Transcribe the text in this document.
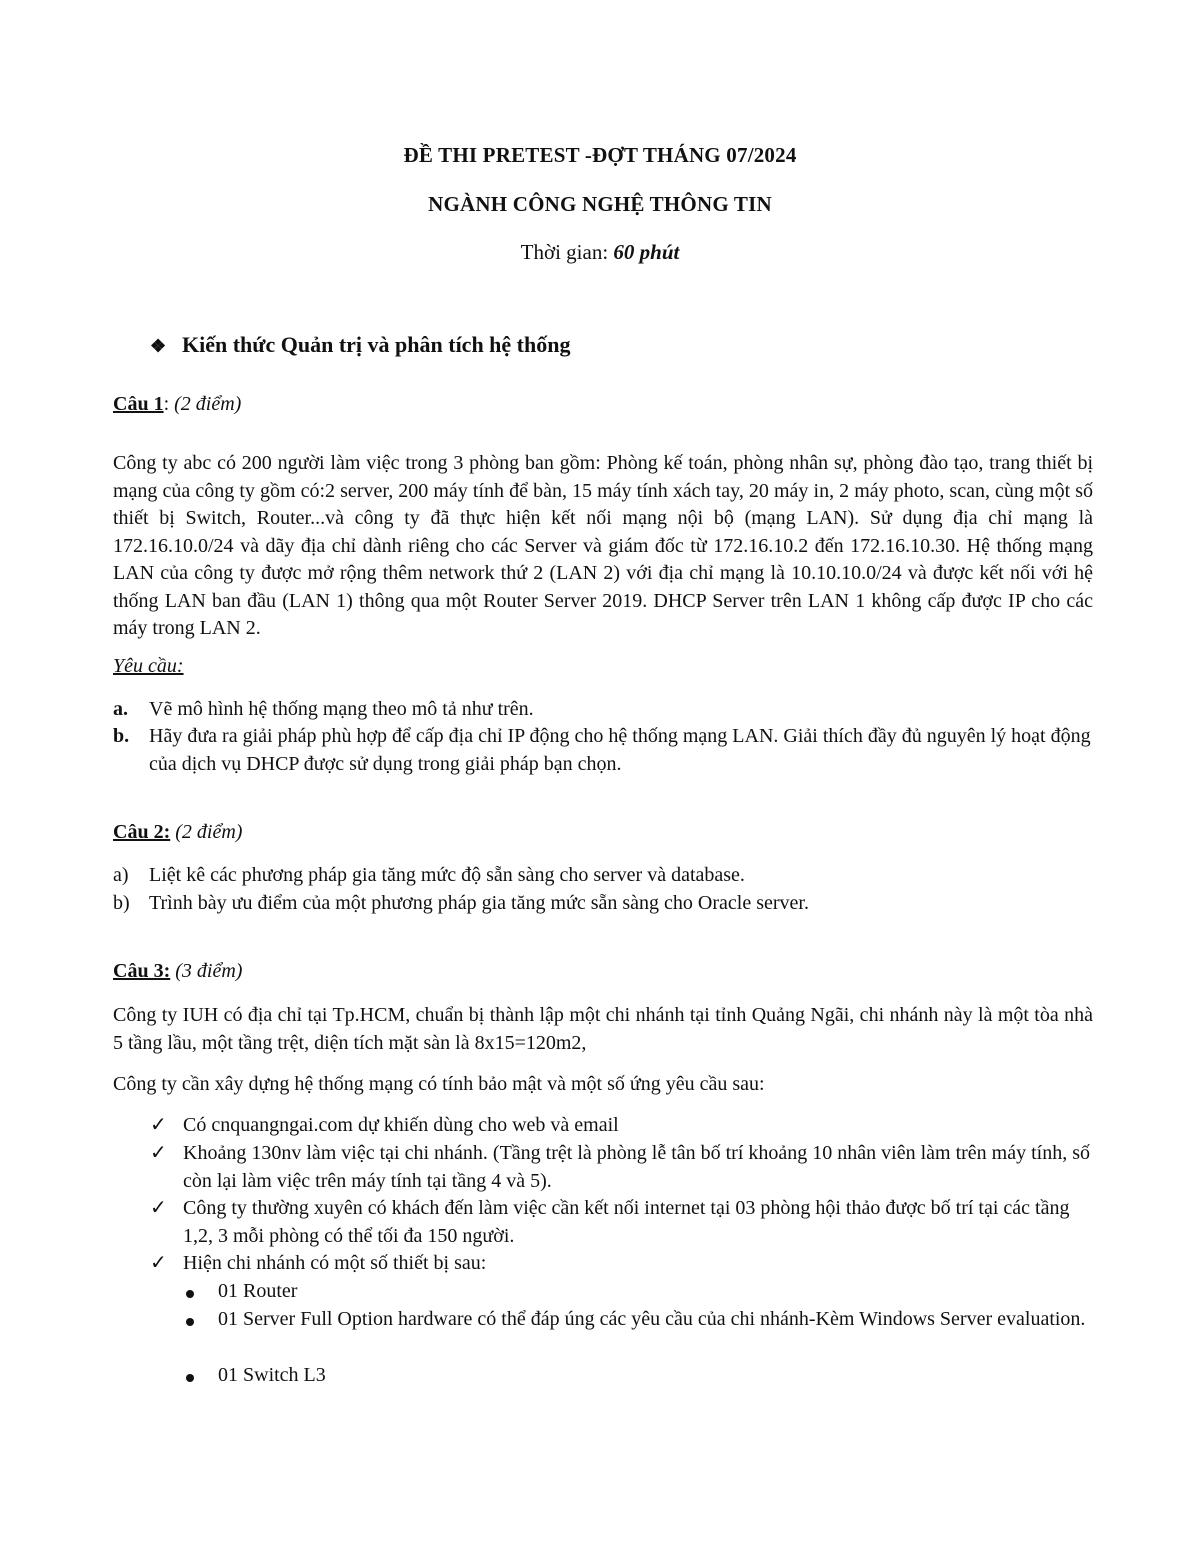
ĐỀ THI PRETEST -ĐỢT THÁNG 07/2024
NGÀNH CÔNG NGHỆ THÔNG TIN
Thời gian: 60 phút
❖ Kiến thức Quản trị và phân tích hệ thống
Câu 1: (2 điểm)
Công ty abc có 200 người làm việc trong 3 phòng ban gồm: Phòng kế toán, phòng nhân sự, phòng đào tạo, trang thiết bị mạng của công ty gồm có:2 server, 200 máy tính để bàn, 15 máy tính xách tay, 20 máy in, 2 máy photo, scan, cùng một số thiết bị Switch, Router...và công ty đã thực hiện kết nối mạng nội bộ (mạng LAN). Sử dụng địa chỉ mạng là 172.16.10.0/24 và dãy địa chỉ dành riêng cho các Server và giám đốc từ 172.16.10.2 đến 172.16.10.30. Hệ thống mạng LAN của công ty được mở rộng thêm network thứ 2 (LAN 2) với địa chỉ mạng là 10.10.10.0/24 và được kết nối với hệ thống LAN ban đầu (LAN 1) thông qua một Router Server 2019. DHCP Server trên LAN 1 không cấp được IP cho các máy trong LAN 2.
Yêu cầu:
a. Vẽ mô hình hệ thống mạng theo mô tả như trên.
b. Hãy đưa ra giải pháp phù hợp để cấp địa chỉ IP động cho hệ thống mạng LAN. Giải thích đầy đủ nguyên lý hoạt động của dịch vụ DHCP được sử dụng trong giải pháp bạn chọn.
Câu 2: (2 điểm)
a) Liệt kê các phương pháp gia tăng mức độ sẵn sàng cho server và database.
b) Trình bày ưu điểm của một phương pháp gia tăng mức sẵn sàng cho Oracle server.
Câu 3: (3 điểm)
Công ty IUH có địa chỉ tại Tp.HCM, chuẩn bị thành lập một chi nhánh tại tỉnh Quảng Ngãi, chi nhánh này là một tòa nhà 5 tầng lầu, một tầng trệt, diện tích mặt sàn là 8x15=120m2,
Công ty cần xây dựng hệ thống mạng có tính bảo mật và một số ứng yêu cầu sau:
✓ Có cnquangngai.com dự khiến dùng cho web và email
✓ Khoảng 130nv làm việc tại chi nhánh. (Tầng trệt là phòng lễ tân bố trí khoảng 10 nhân viên làm trên máy tính, số còn lại làm việc trên máy tính tại tầng 4 và 5).
✓ Công ty thường xuyên có khách đến làm việc cần kết nối internet tại 03 phòng hội thảo được bố trí tại các tầng 1,2, 3 mỗi phòng có thể tối đa 150 người.
✓ Hiện chi nhánh có một số thiết bị sau:
01 Router
01 Server Full Option hardware có thể đáp úng các yêu cầu của chi nhánh-Kèm Windows Server evaluation.
01 Switch L3
